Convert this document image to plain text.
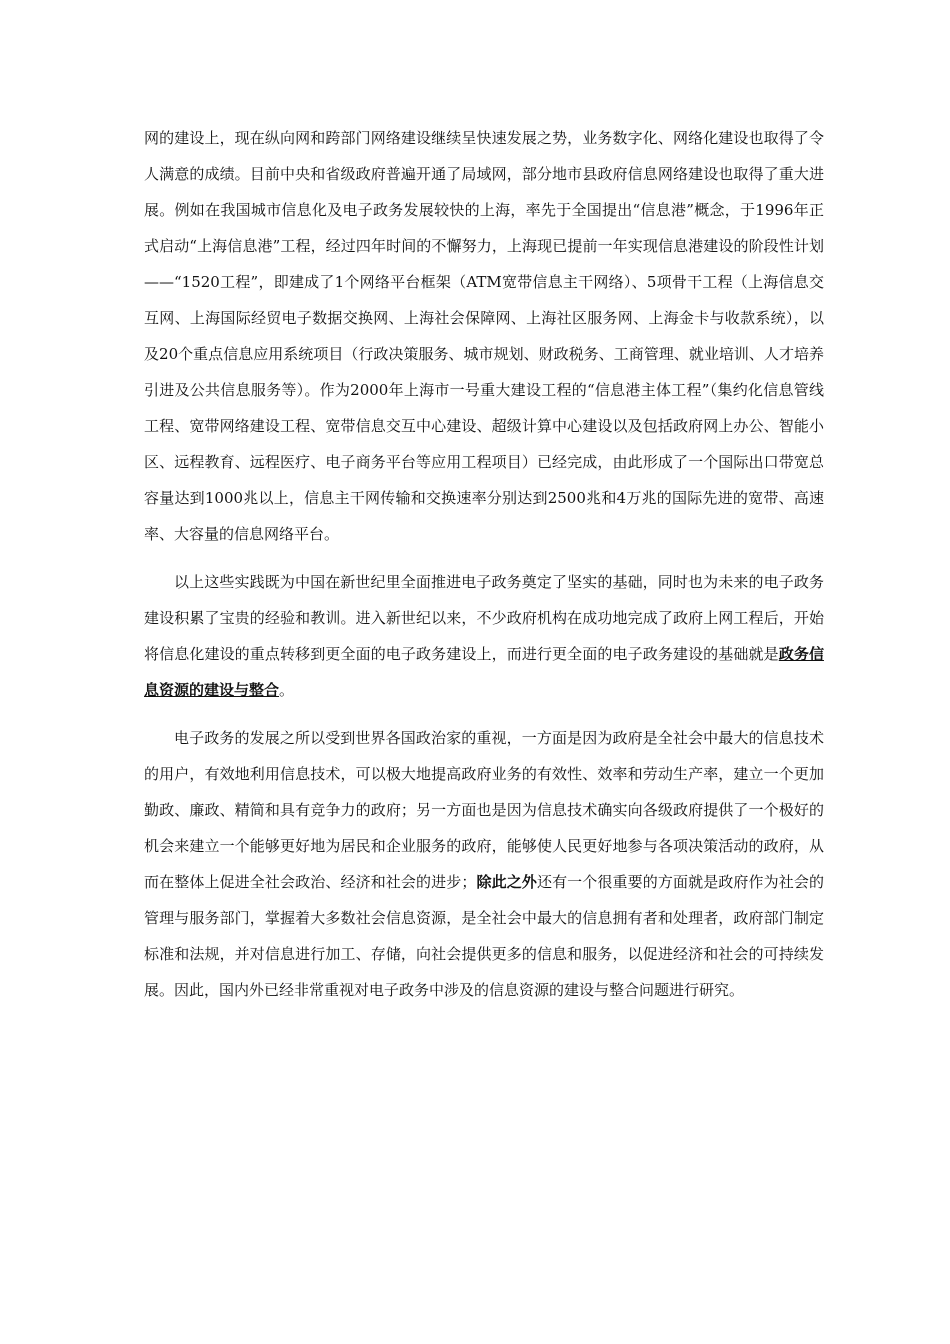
网的建设上，现在纵向网和跨部门网络建设继续呈快速发展之势，业务数字化、网络化建设也取得了令人满意的成绩。目前中央和省级政府普遍开通了局域网，部分地市县政府信息网络建设也取得了重大进展。例如在我国城市信息化及电子政务发展较快的上海，率先于全国提出“信息港”概念，于1996年正式启动“上海信息港”工程，经过四年时间的不懈努力，上海现已提前一年实现信息港建设的阶段性计划——“1520工程”，即建成了1个网络平台框架（ATM宽带信息主干网络）、5项骨干工程（上海信息交互网、上海国际经贸电子数据交换网、上海社会保障网、上海社区服务网、上海金卡与收款系统），以及20个重点信息应用系统项目（行政决策服务、城市规划、财政税务、工商管理、就业培训、人才培养引进及公共信息服务等）。作为2000年上海市一号重大建设工程的“信息港主体工程”（集约化信息管线工程、宽带网络建设工程、宽带信息交互中心建设、超级计算中心建设以及包括政府网上办公、智能小区、远程教育、远程医疗、电子商务平台等应用工程项目）已经完成，由此形成了一个国际出口带宽总容量达到1000兆以上，信息主干网传输和交换速率分别达到2500兆和4万兆的国际先进的宽带、高速率、大容量的信息网络平台。

以上这些实践既为中国在新世纪里全面推进电子政务奠定了坚实的基础，同时也为未来的电子政务建设积累了宝贵的经验和教训。进入新世纪以来，不少政府机构在成功地完成了政府上网工程后，开始将信息化建设的重点转移到更全面的电子政务建设上，而进行更全面的电子政务建设的基础就是政务信息资源的建设与整合。

电子政务的发展之所以受到世界各国政治家的重视，一方面是因为政府是全社会中最大的信息技术的用户，有效地利用信息技术，可以极大地提高政府业务的有效性、效率和劳动生产率，建立一个更加勤政、廉政、精简和具有竞争力的政府；另一方面也是因为信息技术确实向各级政府提供了一个极好的机会来建立一个能够更好地为居民和企业服务的政府，能够使人民更好地参与各项决策活动的政府，从而在整体上促进全社会政治、经济和社会的进步；除此之外还有一个很重要的方面就是政府作为社会的管理与服务部门，掌握着大多数社会信息资源，是全社会中最大的信息拥有者和处理者，政府部门制定标准和法规，并对信息进行加工、存储，向社会提供更多的信息和服务，以促进经济和社会的可持续发展。因此，国内外已经非常重视对电子政务中涉及的信息资源的建设与整合问题进行研究。
